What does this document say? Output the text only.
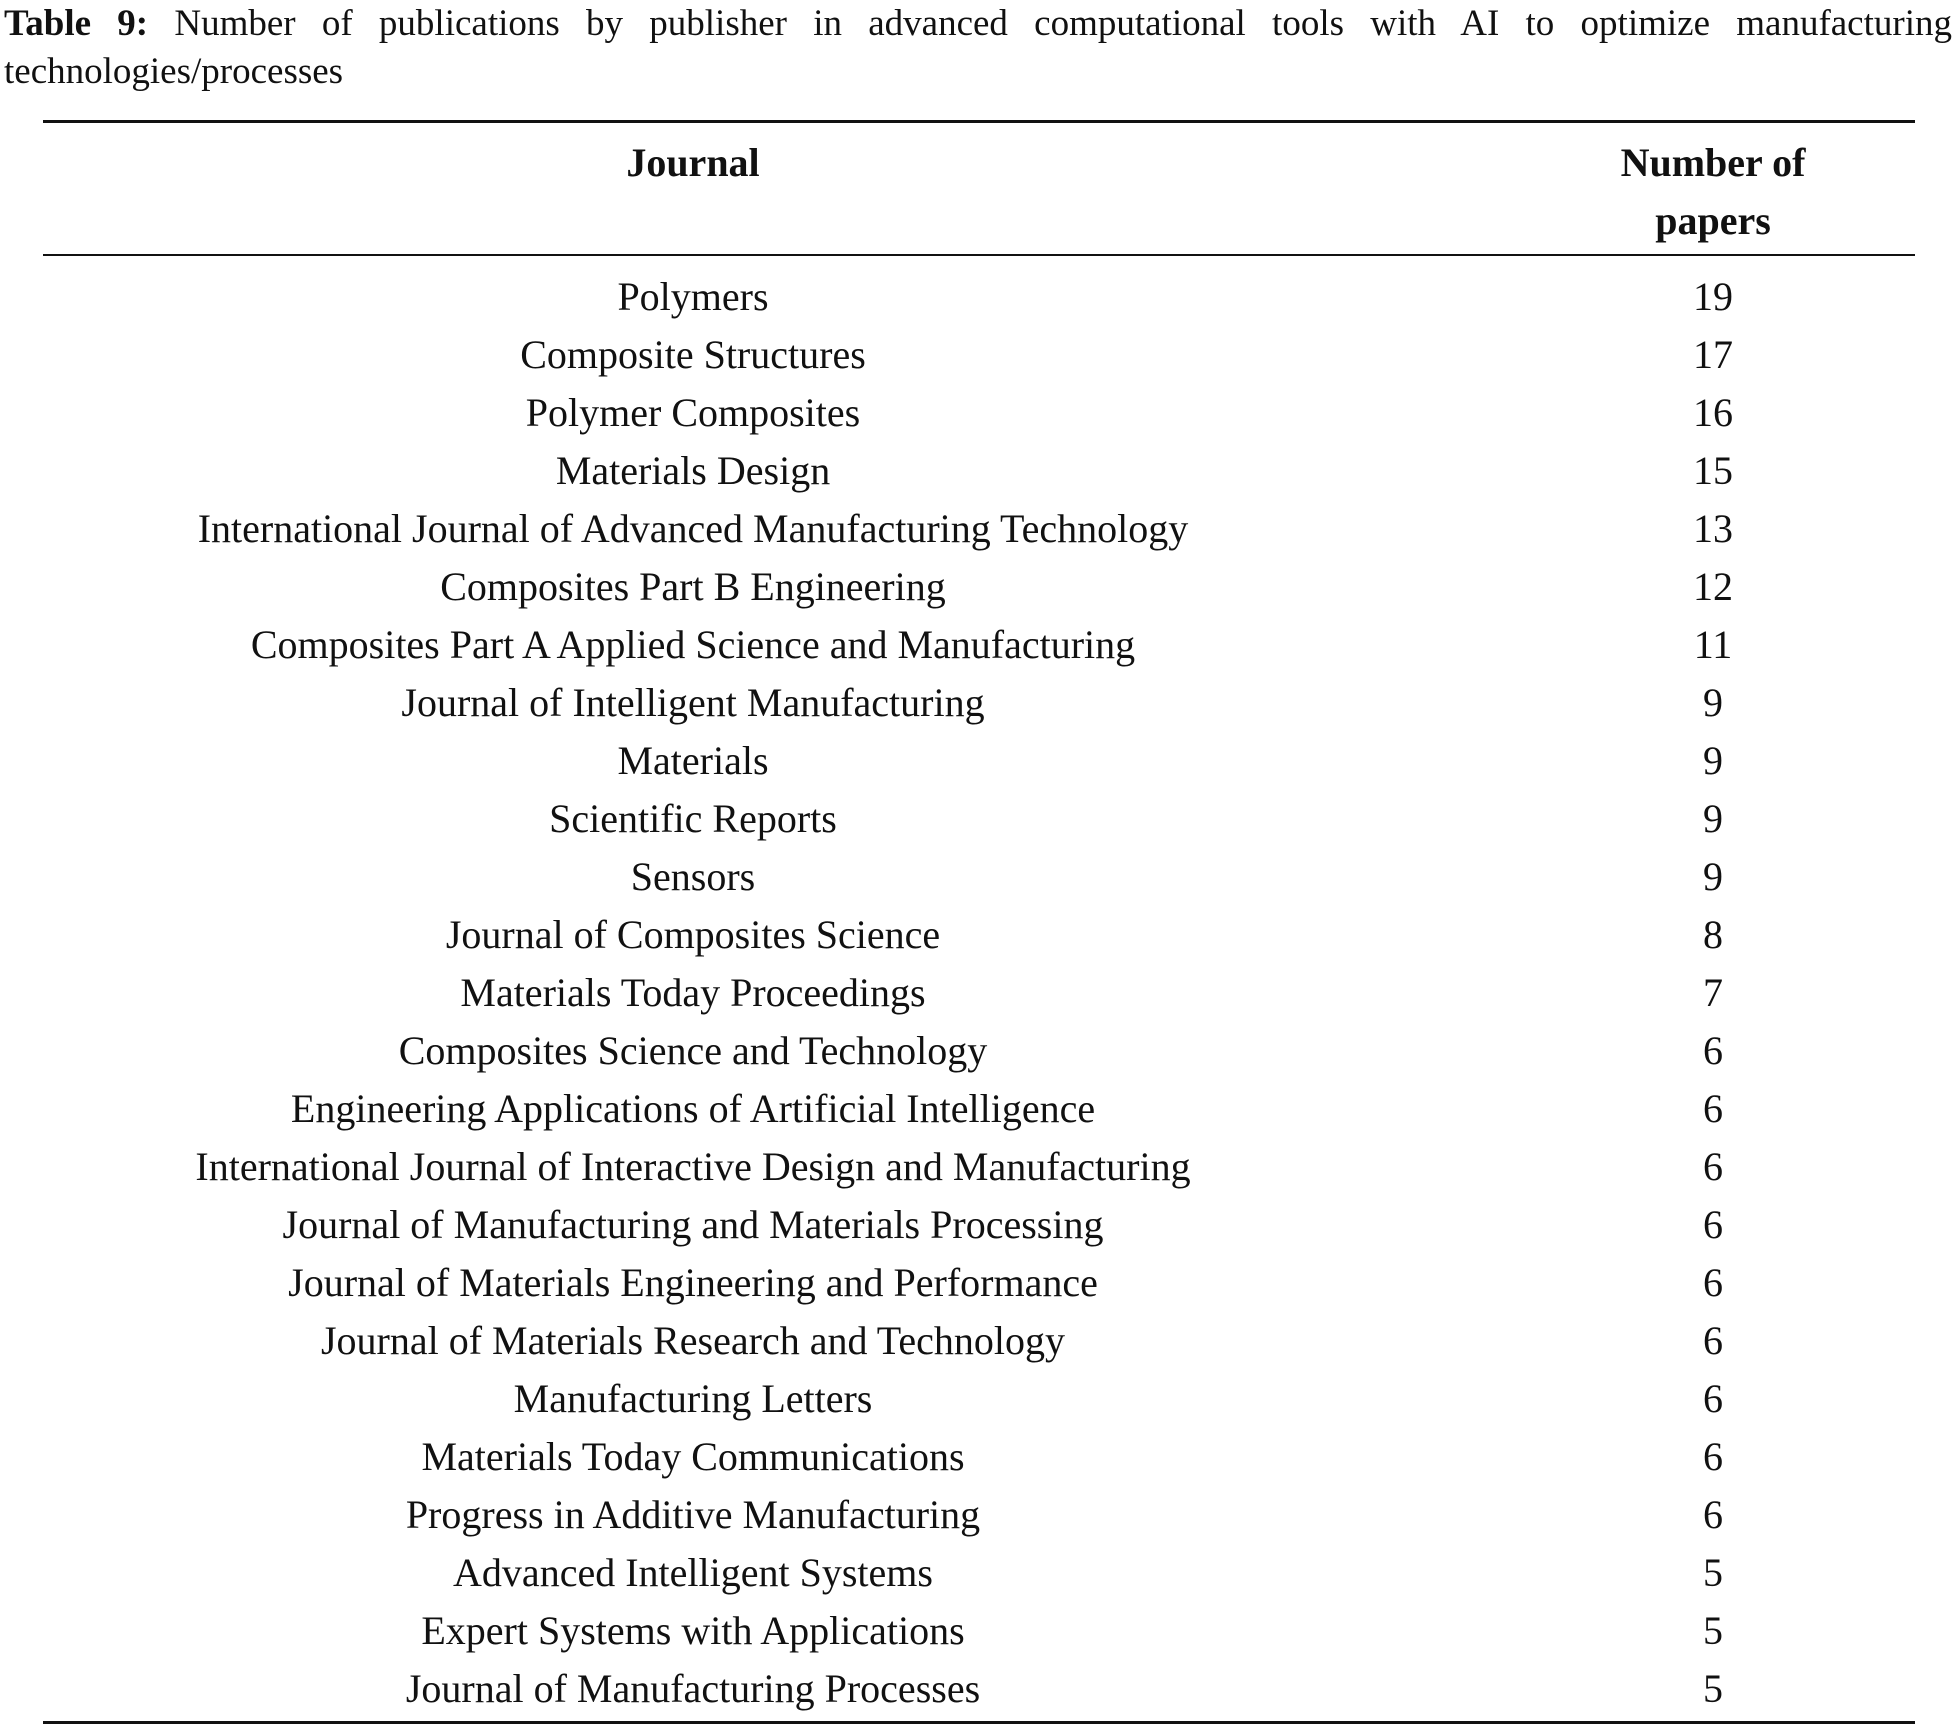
Table 9: Number of publications by publisher in advanced computational tools with AI to optimize manufacturing technologies/processes
Journal	Number of
papers
Polymers	19
Composite Structures	17
Polymer Composites	16
Materials Design	15
International Journal of Advanced Manufacturing Technology	13
Composites Part B Engineering	12
Composites Part A Applied Science and Manufacturing	11
Journal of Intelligent Manufacturing	9
Materials	9
Scientific Reports	9
Sensors	9
Journal of Composites Science	8
Materials Today Proceedings	7
Composites Science and Technology	6
Engineering Applications of Artificial Intelligence	6
International Journal of Interactive Design and Manufacturing	6
Journal of Manufacturing and Materials Processing	6
Journal of Materials Engineering and Performance	6
Journal of Materials Research and Technology	6
Manufacturing Letters	6
Materials Today Communications	6
Progress in Additive Manufacturing	6
Advanced Intelligent Systems	5
Expert Systems with Applications	5
Journal of Manufacturing Processes	5
